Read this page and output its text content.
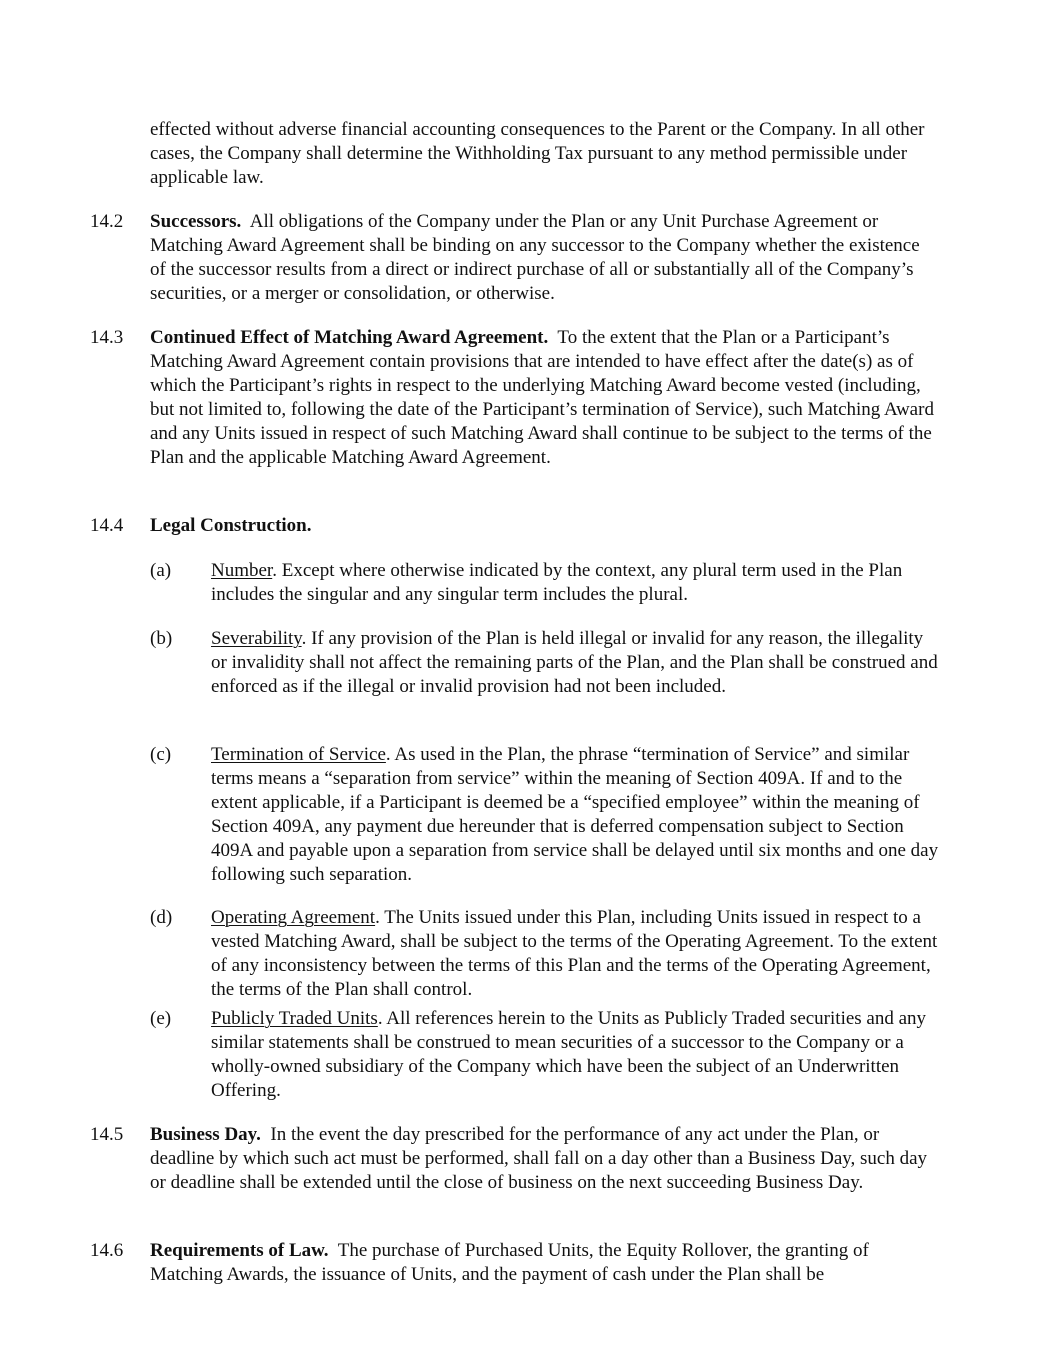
effected without adverse financial accounting consequences to the Parent or the Company. In all other cases, the Company shall determine the Withholding Tax pursuant to any method permissible under applicable law.
14.2	Successors. All obligations of the Company under the Plan or any Unit Purchase Agreement or Matching Award Agreement shall be binding on any successor to the Company whether the existence of the successor results from a direct or indirect purchase of all or substantially all of the Company’s securities, or a merger or consolidation, or otherwise.
14.3	Continued Effect of Matching Award Agreement. To the extent that the Plan or a Participant’s Matching Award Agreement contain provisions that are intended to have effect after the date(s) as of which the Participant’s rights in respect to the underlying Matching Award become vested (including, but not limited to, following the date of the Participant’s termination of Service), such Matching Award and any Units issued in respect of such Matching Award shall continue to be subject to the terms of the Plan and the applicable Matching Award Agreement.
14.4	Legal Construction.
(a)	Number. Except where otherwise indicated by the context, any plural term used in the Plan includes the singular and any singular term includes the plural.
(b)	Severability. If any provision of the Plan is held illegal or invalid for any reason, the illegality or invalidity shall not affect the remaining parts of the Plan, and the Plan shall be construed and enforced as if the illegal or invalid provision had not been included.
(c)	Termination of Service. As used in the Plan, the phrase “termination of Service” and similar terms means a “separation from service” within the meaning of Section 409A. If and to the extent applicable, if a Participant is deemed be a “specified employee” within the meaning of Section 409A, any payment due hereunder that is deferred compensation subject to Section 409A and payable upon a separation from service shall be delayed until six months and one day following such separation.
(d)	Operating Agreement. The Units issued under this Plan, including Units issued in respect to a vested Matching Award, shall be subject to the terms of the Operating Agreement. To the extent of any inconsistency between the terms of this Plan and the terms of the Operating Agreement, the terms of the Plan shall control.
(e)	Publicly Traded Units. All references herein to the Units as Publicly Traded securities and any similar statements shall be construed to mean securities of a successor to the Company or a wholly-owned subsidiary of the Company which have been the subject of an Underwritten Offering.
14.5	Business Day. In the event the day prescribed for the performance of any act under the Plan, or deadline by which such act must be performed, shall fall on a day other than a Business Day, such day or deadline shall be extended until the close of business on the next succeeding Business Day.
14.6	Requirements of Law. The purchase of Purchased Units, the Equity Rollover, the granting of Matching Awards, the issuance of Units, and the payment of cash under the Plan shall be
